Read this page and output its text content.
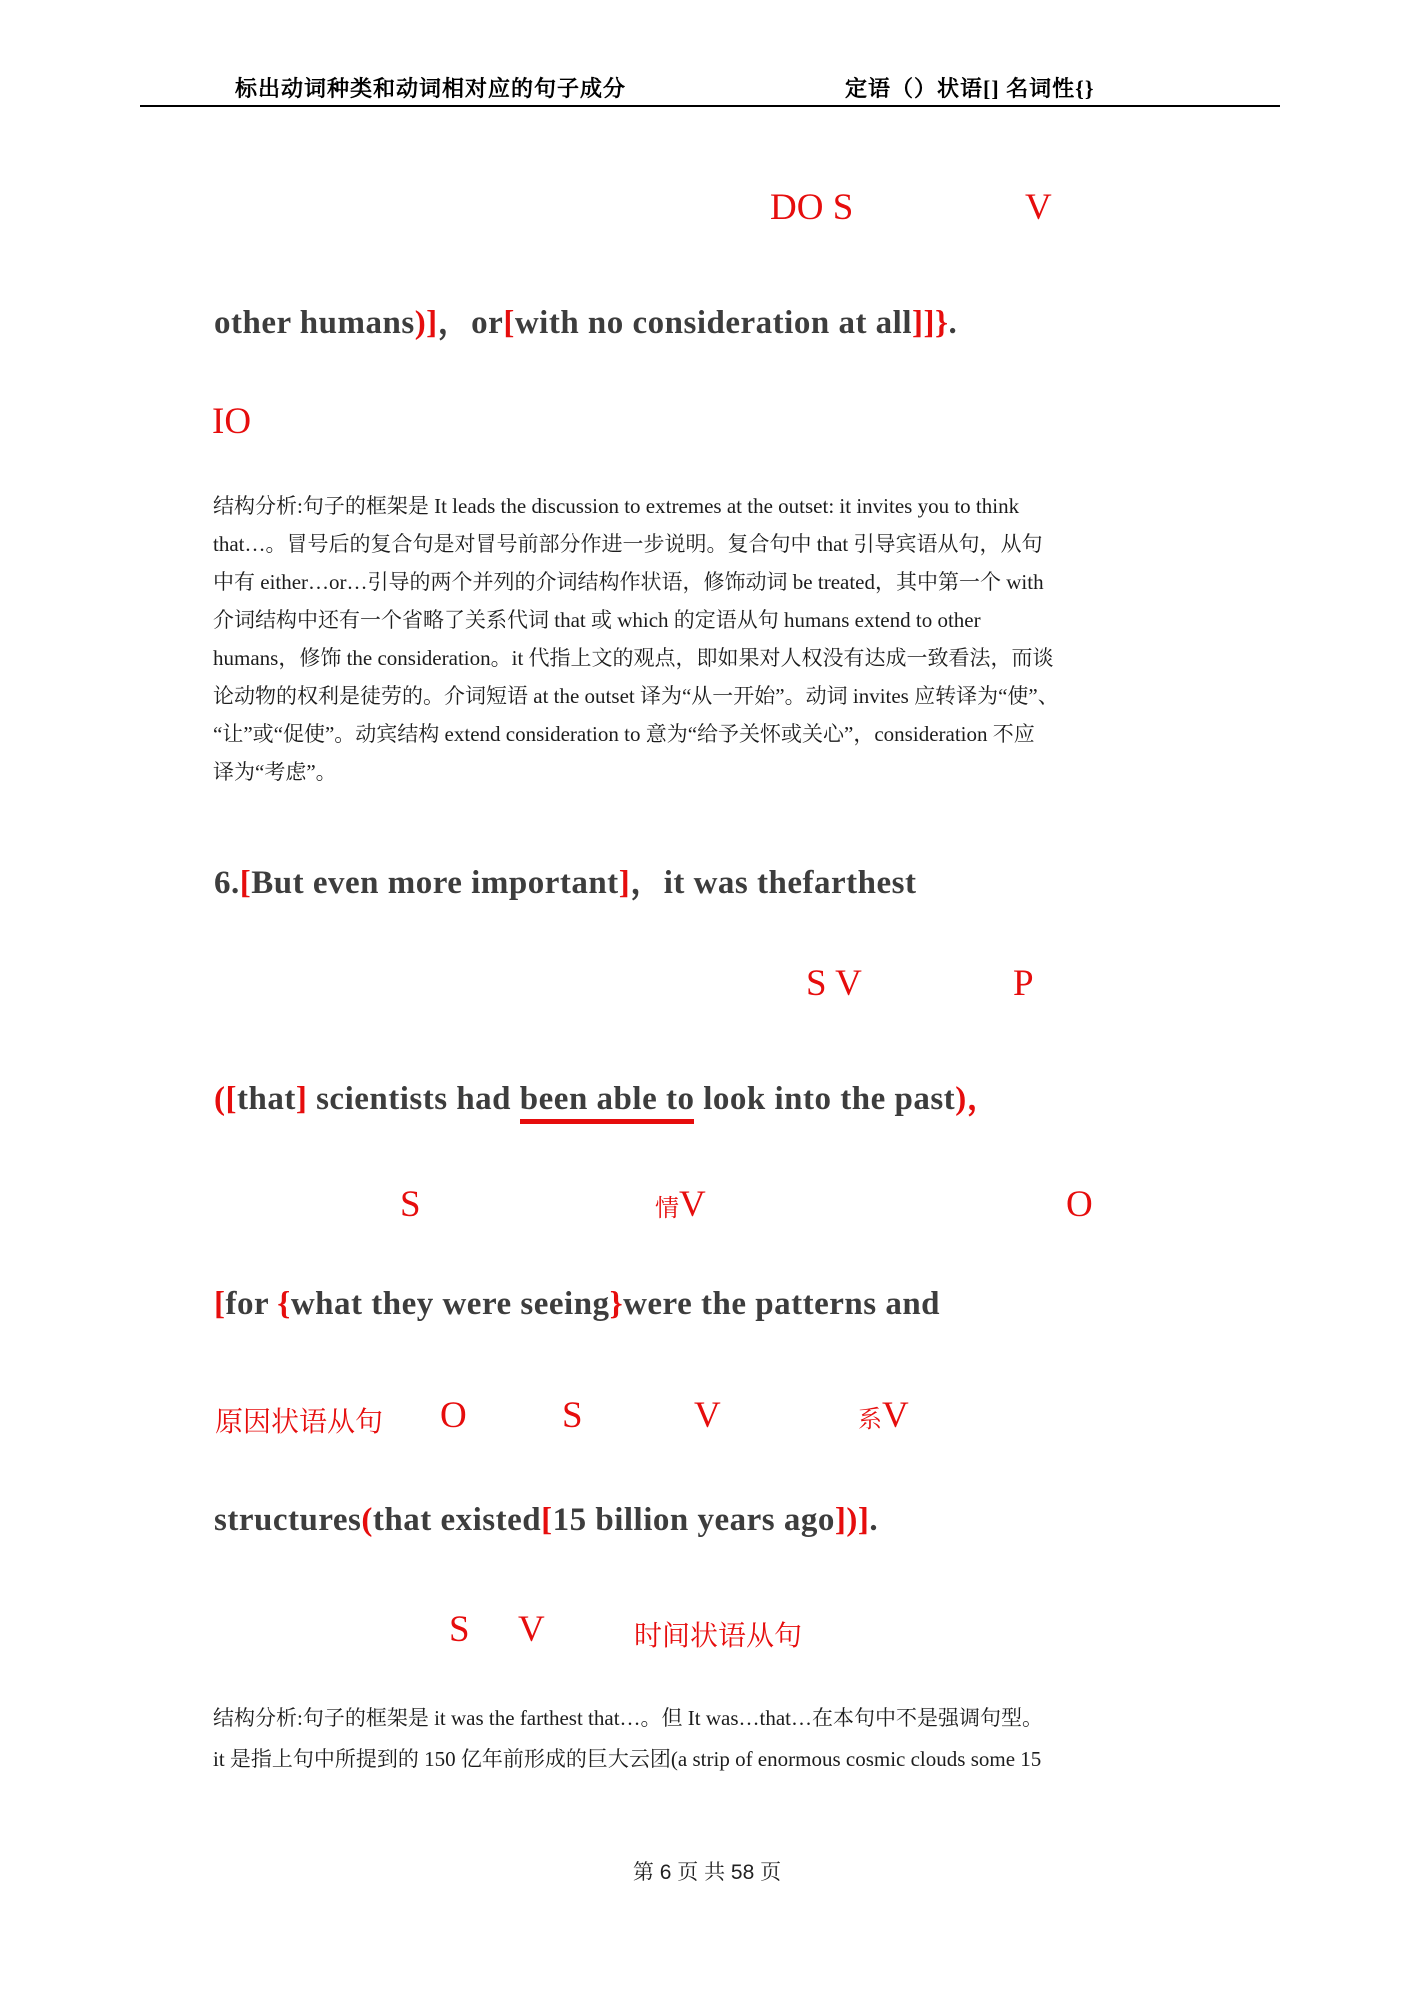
标出动词种类和动词相对应的句子成分	定语（）状语[] 名词性{}
DO S	V
other humans)]，or[with no consideration at all]]}.
IO
结构分析:句子的框架是 It leads the discussion to extremes at the outset: it invites you to think
that…。冒号后的复合句是对冒号前部分作进一步说明。复合句中 that 引导宾语从句，从句
中有 either…or…引导的两个并列的介词结构作状语，修饰动词 be treated，其中第一个 with
介词结构中还有一个省略了关系代词 that 或 which 的定语从句 humans extend to other
humans，修饰 the consideration。it 代指上文的观点，即如果对人权没有达成一致看法，而谈
论动物的权利是徒劳的。介词短语 at the outset 译为“从一开始”。动词 invites 应转译为“使”、
“让”或“促使”。动宾结构 extend consideration to 意为“给予关怀或关心”，consideration 不应
译为“考虑”。
6.[But even more important]，it was thefarthest
S V	P
([that] scientists had been able to look into the past)，
S	情V	O
[for {what they were seeing}were the patterns and
原因状语从句 O	S	V	系V
structures(that existed[15 billion years ago])].
S V	时间状语从句
结构分析:句子的框架是 it was the farthest that…。但 It was…that…在本句中不是强调句型。
it 是指上句中所提到的 150 亿年前形成的巨大云团(a strip of enormous cosmic clouds some 15
第 6 页 共 58 页
